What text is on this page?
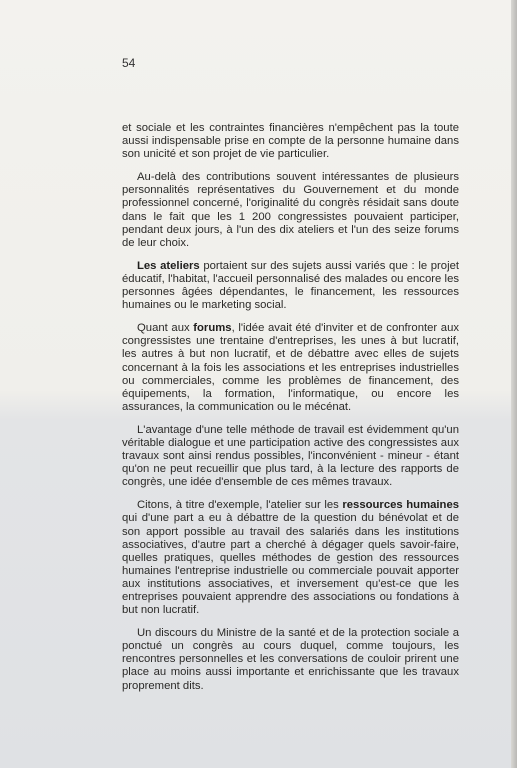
54

et sociale et les contraintes financières n'empêchent pas la toute aussi indispensable prise en compte de la personne humaine dans son unicité et son projet de vie particulier.

Au-delà des contributions souvent intéressantes de plusieurs personnalités représentatives du Gouvernement et du monde professionnel concerné, l'originalité du congrès résidait sans doute dans le fait que les 1 200 congressistes pouvaient participer, pendant deux jours, à l'un des dix ateliers et l'un des seize forums de leur choix.

Les ateliers portaient sur des sujets aussi variés que : le projet éducatif, l'habitat, l'accueil personnalisé des malades ou encore les personnes âgées dépendantes, le financement, les ressources humaines ou le marketing social.

Quant aux forums, l'idée avait été d'inviter et de confronter aux congressistes une trentaine d'entreprises, les unes à but lucratif, les autres à but non lucratif, et de débattre avec elles de sujets concernant à la fois les associations et les entreprises industrielles ou commerciales, comme les problèmes de financement, des équipements, la formation, l'informatique, ou encore les assurances, la communication ou le mécénat.

L'avantage d'une telle méthode de travail est évidemment qu'un véritable dialogue et une participation active des congressistes aux travaux sont ainsi rendus possibles, l'inconvénient - mineur - étant qu'on ne peut recueillir que plus tard, à la lecture des rapports de congrès, une idée d'ensemble de ces mêmes travaux.

Citons, à titre d'exemple, l'atelier sur les ressources humaines qui d'une part a eu à débattre de la question du bénévolat et de son apport possible au travail des salariés dans les institutions associatives, d'autre part a cherché à dégager quels savoir-faire, quelles pratiques, quelles méthodes de gestion des ressources humaines l'entreprise industrielle ou commerciale pouvait apporter aux institutions associatives, et inversement qu'est-ce que les entreprises pouvaient apprendre des associations ou fondations à but non lucratif.

Un discours du Ministre de la santé et de la protection sociale a ponctué un congrès au cours duquel, comme toujours, les rencontres personnelles et les conversations de couloir prirent une place au moins aussi importante et enrichissante que les travaux proprement dits.
